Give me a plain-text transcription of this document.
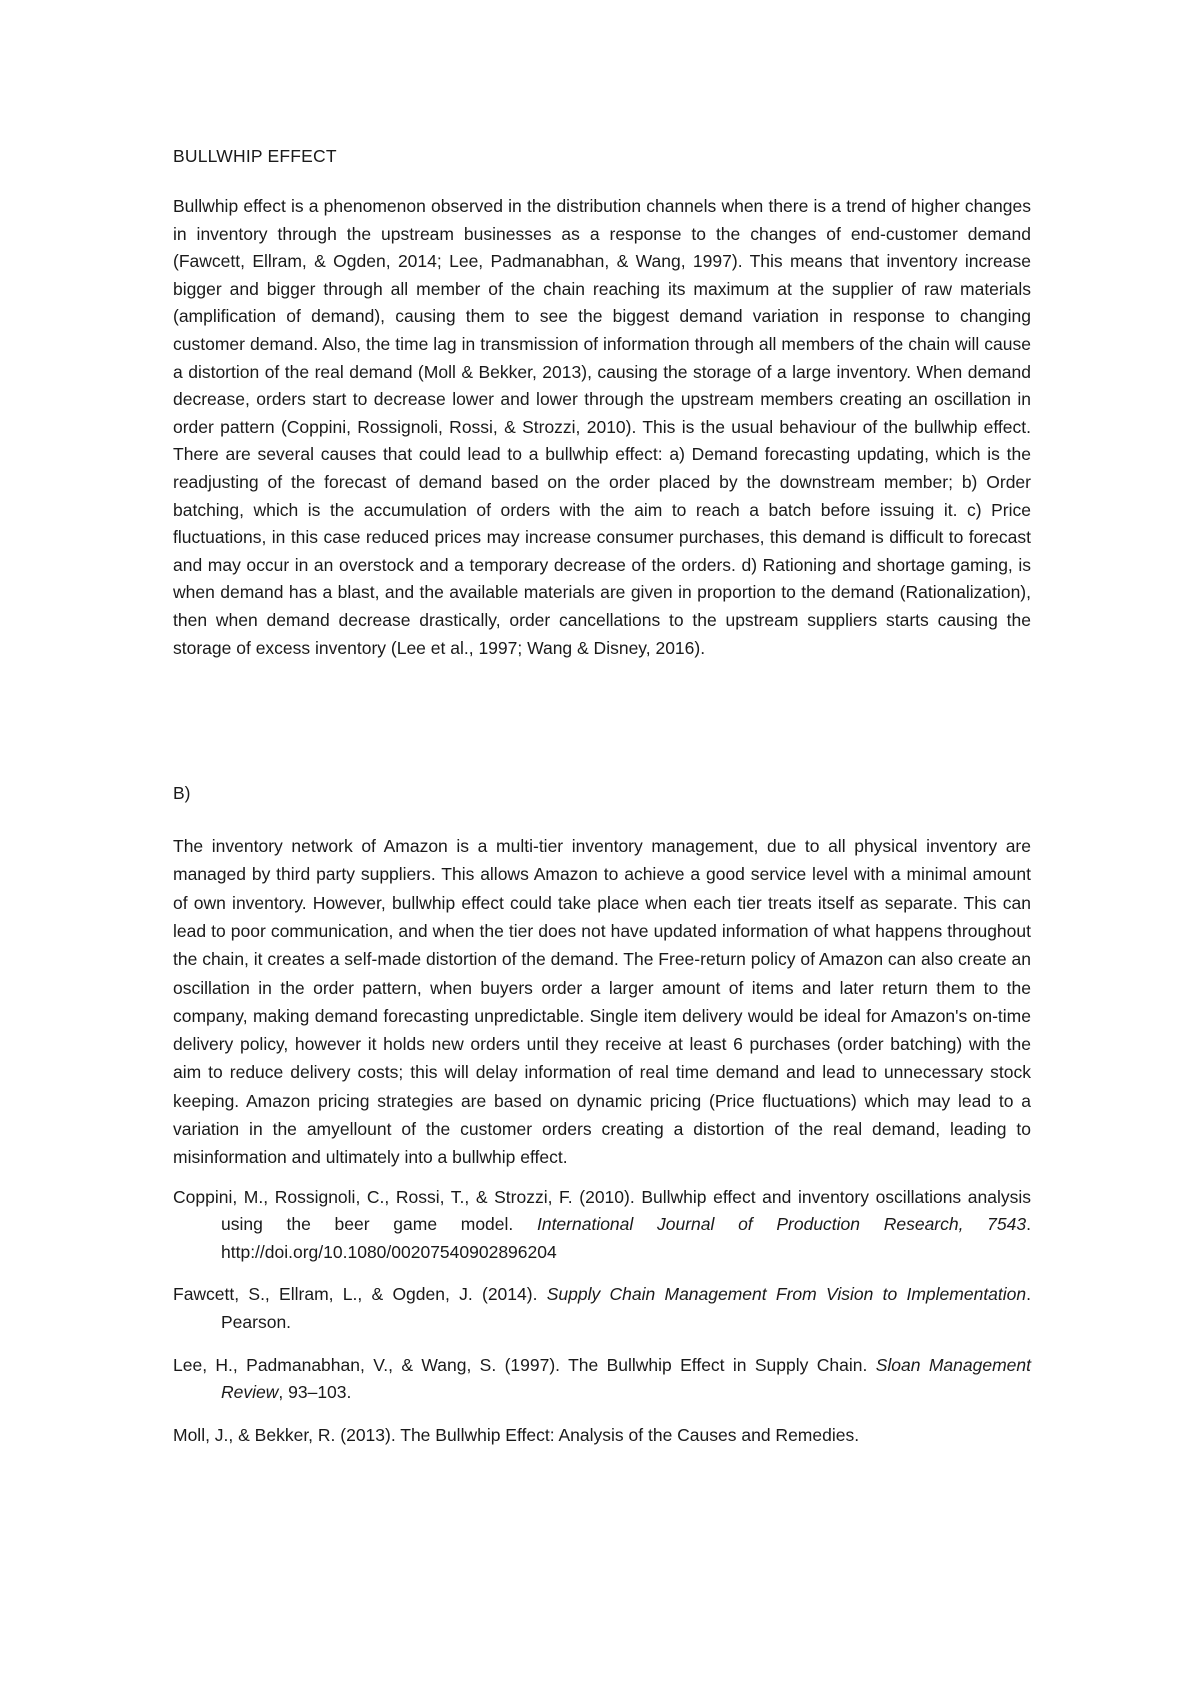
BULLWHIP EFFECT

Bullwhip effect is a phenomenon observed in the distribution channels when there is a trend of higher changes in inventory through the upstream businesses as a response to the changes of end-customer demand (Fawcett, Ellram, & Ogden, 2014; Lee, Padmanabhan, & Wang, 1997). This means that inventory increase bigger and bigger through all member of the chain reaching its maximum at the supplier of raw materials (amplification of demand), causing them to see the biggest demand variation in response to changing customer demand. Also, the time lag in transmission of information through all members of the chain will cause a distortion of the real demand (Moll & Bekker, 2013), causing the storage of a large inventory. When demand decrease, orders start to decrease lower and lower through the upstream members creating an oscillation in order pattern (Coppini, Rossignoli, Rossi, & Strozzi, 2010). This is the usual behaviour of the bullwhip effect. There are several causes that could lead to a bullwhip effect: a) Demand forecasting updating, which is the readjusting of the forecast of demand based on the order placed by the downstream member; b) Order batching, which is the accumulation of orders with the aim to reach a batch before issuing it. c) Price fluctuations, in this case reduced prices may increase consumer purchases, this demand is difficult to forecast and may occur in an overstock and a temporary decrease of the orders. d) Rationing and shortage gaming, is when demand has a blast, and the available materials are given in proportion to the demand (Rationalization), then when demand decrease drastically, order cancellations to the upstream suppliers starts causing the storage of excess inventory (Lee et al., 1997; Wang & Disney, 2016).

B)

The inventory network of Amazon is a multi-tier inventory management, due to all physical inventory are managed by third party suppliers. This allows Amazon to achieve a good service level with a minimal amount of own inventory. However, bullwhip effect could take place when each tier treats itself as separate. This can lead to poor communication, and when the tier does not have updated information of what happens throughout the chain, it creates a self-made distortion of the demand. The Free-return policy of Amazon can also create an oscillation in the order pattern, when buyers order a larger amount of items and later return them to the company, making demand forecasting unpredictable. Single item delivery would be ideal for Amazon's on-time delivery policy, however it holds new orders until they receive at least 6 purchases (order batching) with the aim to reduce delivery costs; this will delay information of real time demand and lead to unnecessary stock keeping. Amazon pricing strategies are based on dynamic pricing (Price fluctuations) which may lead to a variation in the amyellount of the customer orders creating a distortion of the real demand, leading to misinformation and ultimately into a bullwhip effect.

Coppini, M., Rossignoli, C., Rossi, T., & Strozzi, F. (2010). Bullwhip effect and inventory oscillations analysis using the beer game model. International Journal of Production Research, 7543. http://doi.org/10.1080/00207540902896204

Fawcett, S., Ellram, L., & Ogden, J. (2014). Supply Chain Management From Vision to Implementation. Pearson.

Lee, H., Padmanabhan, V., & Wang, S. (1997). The Bullwhip Effect in Supply Chain. Sloan Management Review, 93–103.

Moll, J., & Bekker, R. (2013). The Bullwhip Effect: Analysis of the Causes and Remedies.
